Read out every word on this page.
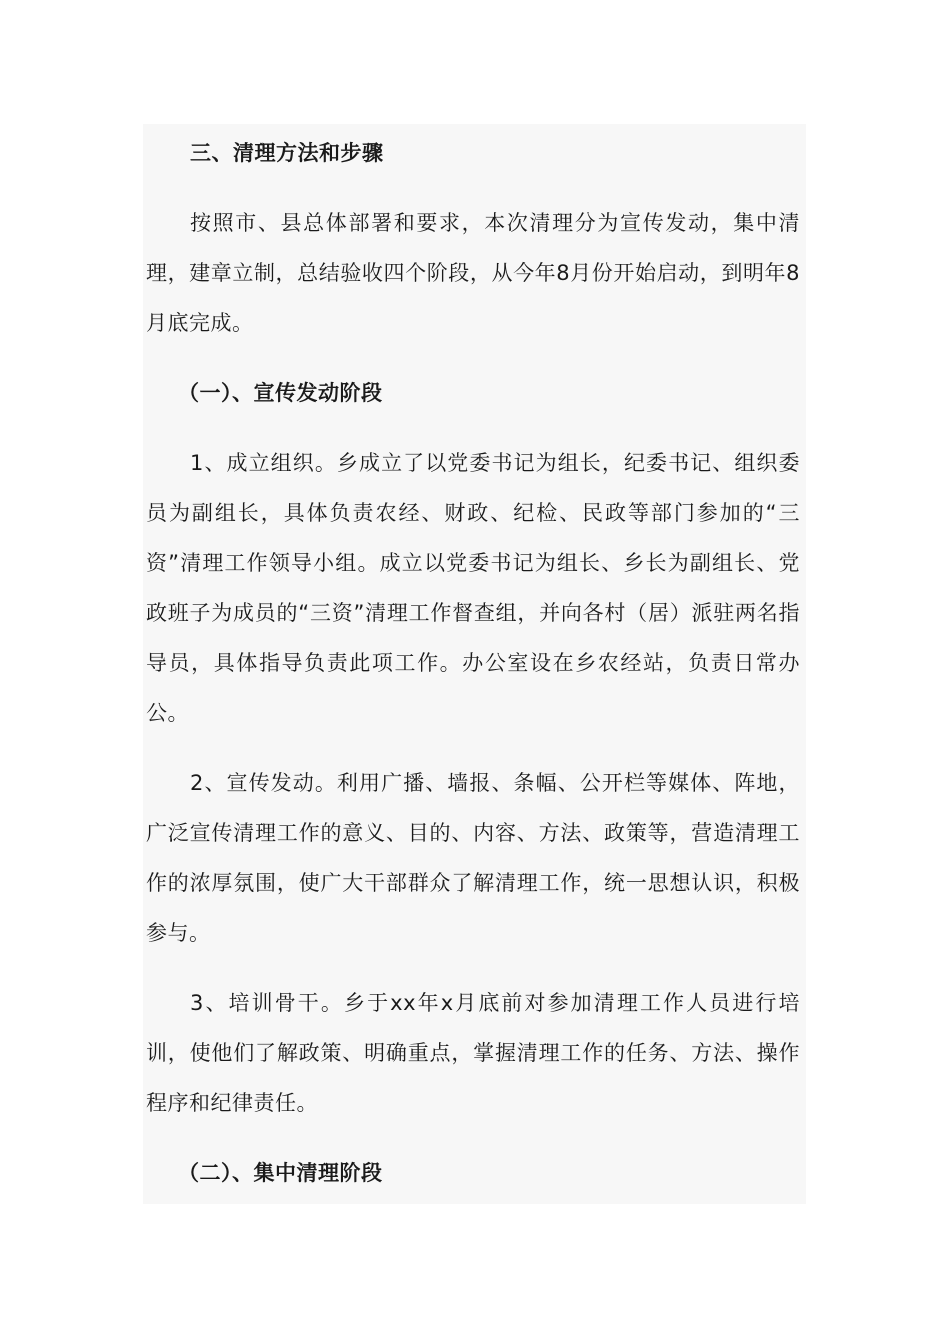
三、清理方法和步骤
按照市、县总体部署和要求，本次清理分为宣传发动，集中清理，建章立制，总结验收四个阶段，从今年8月份开始启动，到明年8月底完成。
（一）、宣传发动阶段
1、成立组织。乡成立了以党委书记为组长，纪委书记、组织委员为副组长，具体负责农经、财政、纪检、民政等部门参加的“三资”清理工作领导小组。成立以党委书记为组长、乡长为副组长、党政班子为成员的“三资”清理工作督查组，并向各村（居）派驻两名指导员，具体指导负责此项工作。办公室设在乡农经站，负责日常办公。
2、宣传发动。利用广播、墙报、条幅、公开栏等媒体、阵地，广泛宣传清理工作的意义、目的、内容、方法、政策等，营造清理工作的浓厚氛围，使广大干部群众了解清理工作，统一思想认识，积极参与。
3、培训骨干。乡于xx年x月底前对参加清理工作人员进行培训，使他们了解政策、明确重点，掌握清理工作的任务、方法、操作程序和纪律责任。
（二）、集中清理阶段
